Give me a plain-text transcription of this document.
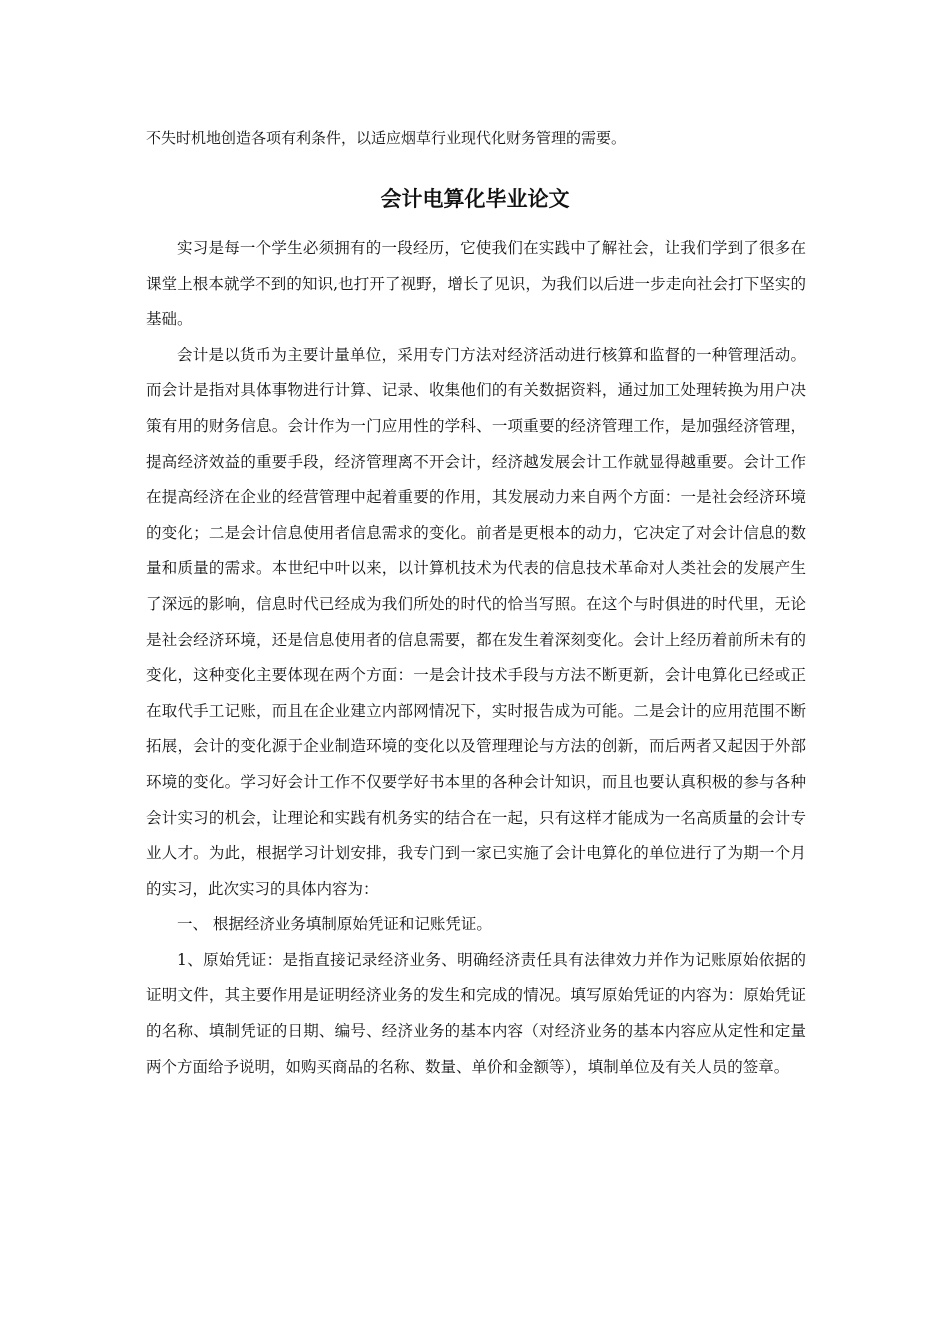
不失时机地创造各项有利条件，以适应烟草行业现代化财务管理的需要。
会计电算化毕业论文

实习是每一个学生必须拥有的一段经历，它使我们在实践中了解社会，让我们学到了很多在课堂上根本就学不到的知识,也打开了视野，增长了见识，为我们以后进一步走向社会打下坚实的基础。

会计是以货币为主要计量单位，采用专门方法对经济活动进行核算和监督的一种管理活动。而会计是指对具体事物进行计算、记录、收集他们的有关数据资料，通过加工处理转换为用户决策有用的财务信息。会计作为一门应用性的学科、一项重要的经济管理工作，是加强经济管理，提高经济效益的重要手段，经济管理离不开会计，经济越发展会计工作就显得越重要。会计工作在提高经济在企业的经营管理中起着重要的作用，其发展动力来自两个方面：一是社会经济环境的变化；二是会计信息使用者信息需求的变化。前者是更根本的动力，它决定了对会计信息的数量和质量的需求。本世纪中叶以来，以计算机技术为代表的信息技术革命对人类社会的发展产生了深远的影响，信息时代已经成为我们所处的时代的恰当写照。在这个与时俱进的时代里，无论是社会经济环境，还是信息使用者的信息需要，都在发生着深刻变化。会计上经历着前所未有的变化，这种变化主要体现在两个方面：一是会计技术手段与方法不断更新，会计电算化已经或正在取代手工记账，而且在企业建立内部网情况下，实时报告成为可能。二是会计的应用范围不断拓展，会计的变化源于企业制造环境的变化以及管理理论与方法的创新，而后两者又起因于外部环境的变化。学习好会计工作不仅要学好书本里的各种会计知识，而且也要认真积极的参与各种会计实习的机会，让理论和实践有机务实的结合在一起，只有这样才能成为一名高质量的会计专业人才。为此，根据学习计划安排，我专门到一家已实施了会计电算化的单位进行了为期一个月的实习，此次实习的具体内容为：

一、 根据经济业务填制原始凭证和记账凭证。

1、原始凭证：是指直接记录经济业务、明确经济责任具有法律效力并作为记账原始依据的证明文件，其主要作用是证明经济业务的发生和完成的情况。填写原始凭证的内容为：原始凭证的名称、填制凭证的日期、编号、经济业务的基本内容（对经济业务的基本内容应从定性和定量两个方面给予说明，如购买商品的名称、数量、单价和金额等），填制单位及有关人员的签章。
